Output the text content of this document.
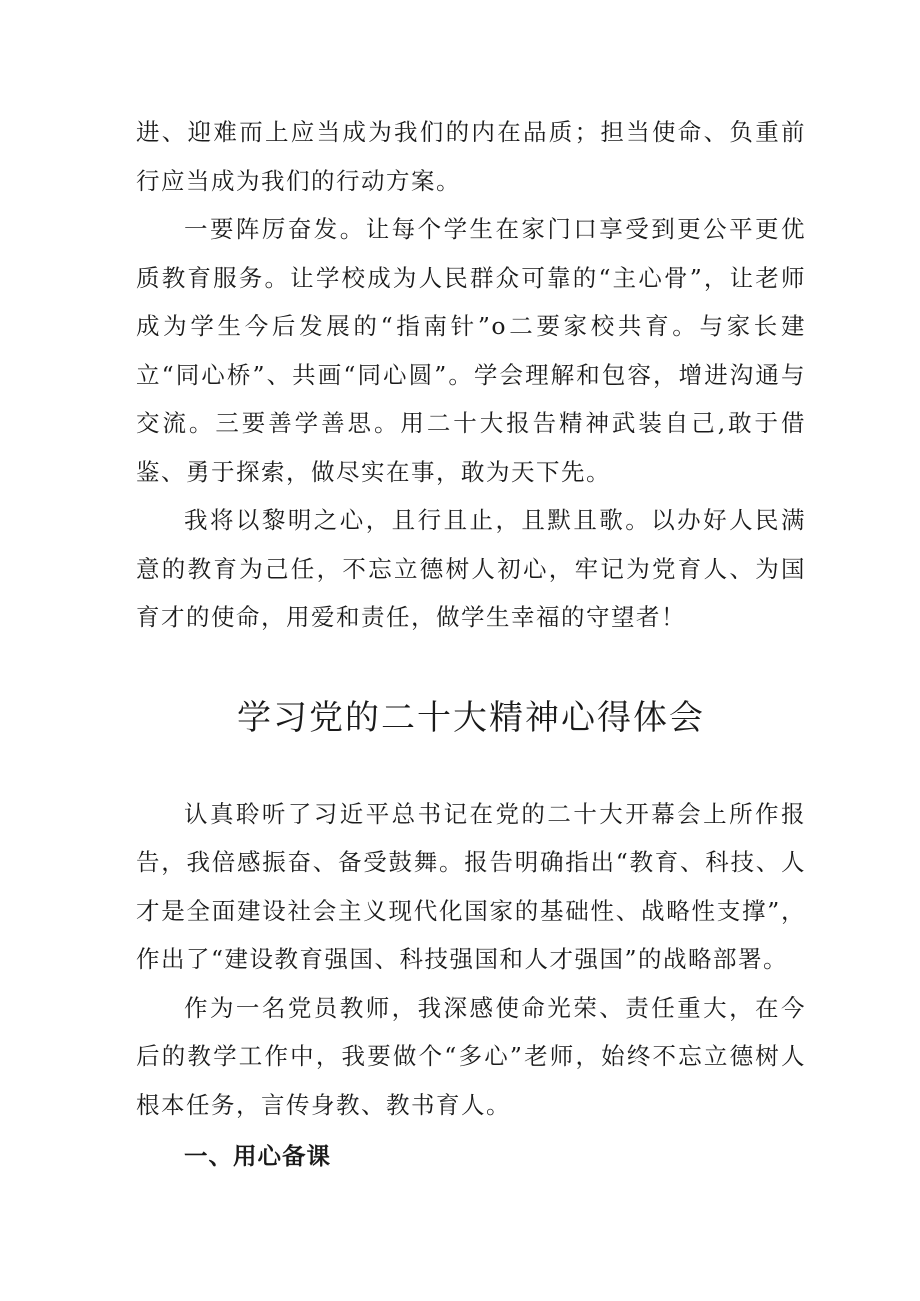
进、迎难而上应当成为我们的内在品质；担当使命、负重前行应当成为我们的行动方案。

一要阵厉奋发。让每个学生在家门口享受到更公平更优质教育服务。让学校成为人民群众可靠的“主心骨”，让老师成为学生今后发展的“指南针”o二要家校共育。与家长建立“同心桥”、共画“同心圆”。学会理解和包容，增进沟通与交流。三要善学善思。用二十大报告精神武装自己,敢于借鉴、勇于探索，做尽实在事，敢为天下先。

我将以黎明之心，且行且止，且默且歌。以办好人民满意的教育为己任，不忘立德树人初心，牢记为党育人、为国育才的使命，用爱和责任，做学生幸福的守望者！

学习党的二十大精神心得体会

认真聆听了习近平总书记在党的二十大开幕会上所作报告，我倍感振奋、备受鼓舞。报告明确指出“教育、科技、人才是全面建设社会主义现代化国家的基础性、战略性支撑”，作出了“建设教育强国、科技强国和人才强国”的战略部署。

作为一名党员教师，我深感使命光荣、责任重大，在今后的教学工作中，我要做个“多心”老师，始终不忘立德树人根本任务，言传身教、教书育人。

一、用心备课
